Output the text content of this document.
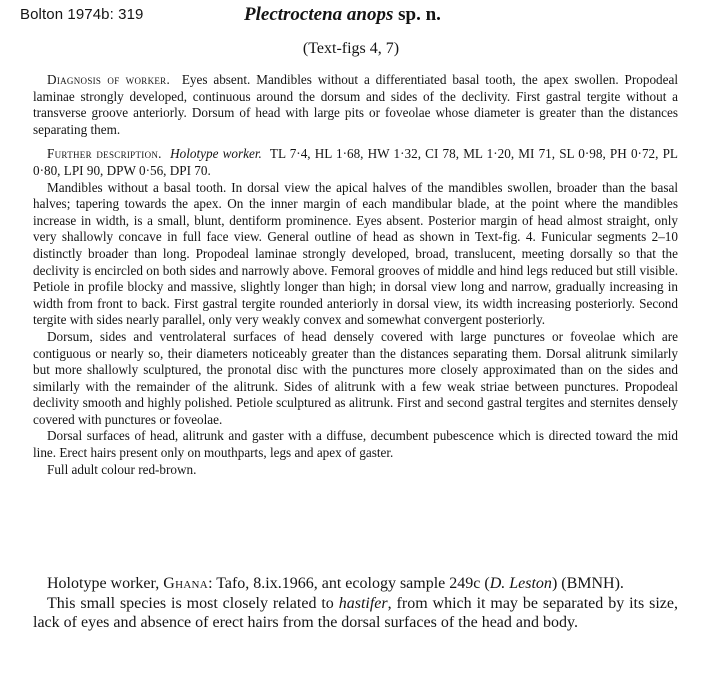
Bolton 1974b: 319	Plectroctena anops sp. n.
(Text-figs 4, 7)

Diagnosis of worker. Eyes absent. Mandibles without a differentiated basal tooth, the apex swollen. Propodeal laminae strongly developed, continuous around the dorsum and sides of the declivity. First gastral tergite without a transverse groove anteriorly. Dorsum of head with large pits or foveolae whose diameter is greater than the distances separating them.

Further description. Holotype worker. TL 7·4, HL 1·68, HW 1·32, CI 78, ML 1·20, MI 71, SL 0·98, PH 0·72, PL 0·80, LPI 90, DPW 0·56, DPI 70.

Mandibles without a basal tooth. In dorsal view the apical halves of the mandibles swollen, broader than the basal halves; tapering towards the apex. On the inner margin of each mandibular blade, at the point where the mandibles increase in width, is a small, blunt, dentiform prominence. Eyes absent. Posterior margin of head almost straight, only very shallowly concave in full face view. General outline of head as shown in Text-fig. 4. Funicular segments 2–10 distinctly broader than long. Propodeal laminae strongly developed, broad, translucent, meeting dorsally so that the declivity is encircled on both sides and narrowly above. Femoral grooves of middle and hind legs reduced but still visible. Petiole in profile blocky and massive, slightly longer than high; in dorsal view long and narrow, gradually increasing in width from front to back. First gastral tergite rounded anteriorly in dorsal view, its width increasing posteriorly. Second tergite with sides nearly parallel, only very weakly convex and somewhat convergent posteriorly.

Dorsum, sides and ventrolateral surfaces of head densely covered with large punctures or foveolae which are contiguous or nearly so, their diameters noticeably greater than the distances separating them. Dorsal alitrunk similarly but more shallowly sculptured, the pronotal disc with the punctures more closely approximated than on the sides and similarly with the remainder of the alitrunk. Sides of alitrunk with a few weak striae between punctures. Propodeal declivity smooth and highly polished. Petiole sculptured as alitrunk. First and second gastral tergites and sternites densely covered with punctures or foveolae.

Dorsal surfaces of head, alitrunk and gaster with a diffuse, decumbent pubescence which is directed toward the mid line. Erect hairs present only on mouthparts, legs and apex of gaster.

Full adult colour red-brown.

Holotype worker, Ghana: Tafo, 8.ix.1966, ant ecology sample 249c (D. Leston) (BMNH).

This small species is most closely related to hastifer, from which it may be separated by its size, lack of eyes and absence of erect hairs from the dorsal surfaces of the head and body.
